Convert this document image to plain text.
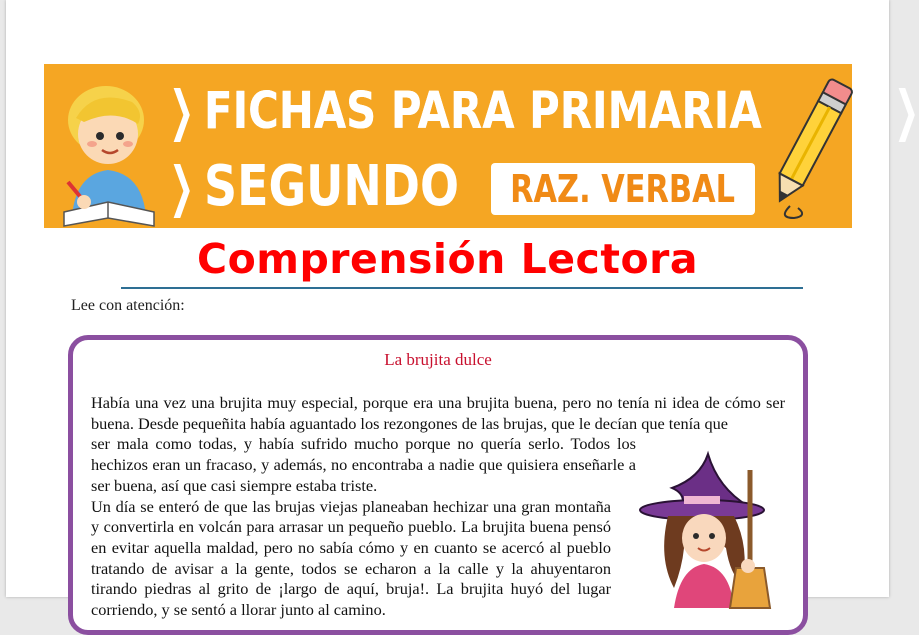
❯ FICHAS PARA PRIMARIA ❯
❯ SEGUNDO RAZ. VERBAL
Comprensión Lectora
Lee con atención:
La brujita dulce

Había una vez una brujita muy especial, porque era una brujita buena, pero no tenía ni idea de cómo ser buena. Desde pequeñita había aguantado los rezongones de las brujas, que le decían que tenía que

ser mala como todas, y había sufrido mucho porque no quería serlo. Todos los hechizos eran un fracaso, y además, no encontraba a nadie que quisiera enseñarle a ser buena, así que casi siempre estaba triste.

Un día se enteró de que las brujas viejas planeaban hechizar una gran montaña y convertirla en volcán para arrasar un pequeño pueblo. La brujita buena pensó en evitar aquella maldad, pero no sabía cómo y en cuanto se acercó al pueblo tratando de avisar a la gente, todos se echaron a la calle y la ahuyentaron tirando piedras al grito de ¡largo de aquí, bruja!. La brujita huyó del lugar corriendo, y se sentó a llorar junto al camino.
